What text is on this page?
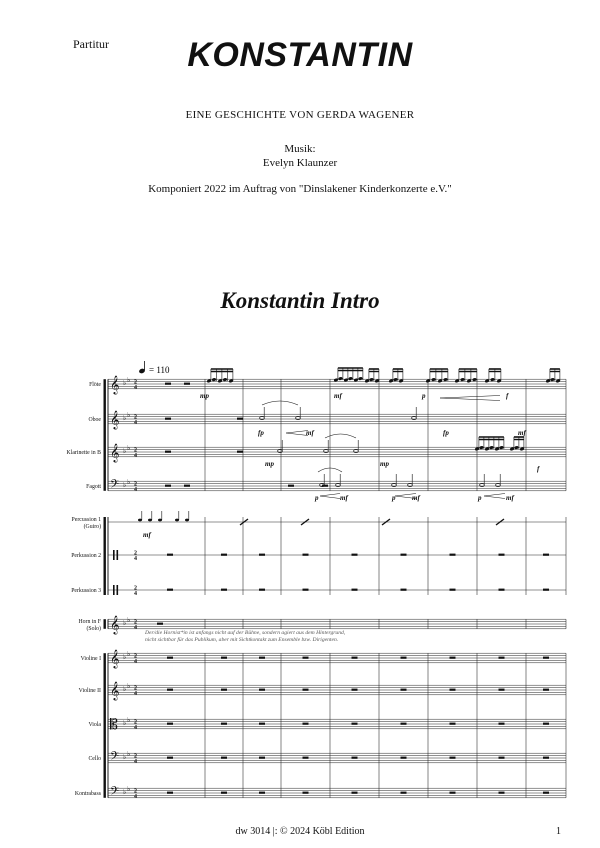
Partitur	KONSTANTIN
EINE GESCHICHTE VON GERDA WAGENER
Musik:
Evelyn Klaunzer
Komponiert 2022 im Auftrag von "Dinslakener Kinderkonzerte e.V."
Konstantin Intro
Flöte
Oboe
Klarinette in B
Fagott
Percussion 1
(Guiro)
Perkussion 2
Perkussion 3
Horn in F
(Solo)
Violine I
Violine II
Viola
Cello
Kontrabass
𝄞 ♭ ♭ 2
4
𝄞 ♭ ♭ 2
4
𝄞 ♭ ♭ 2
4
𝄢 ♭ ♭ 2
4
2
4
2
4
𝄞 ♭ ♭ 2
4
𝄞 ♭ ♭ 2
4
𝄞 ♭ ♭ 2
4
𝄡 ♭ ♭ 2
4
𝄢 ♭ ♭ 2
4
𝄢 ♭ ♭ 2
4
mp	mf	p	f
fp	mf	fp	mf
mp	mp
f
p	mf	p mf	p	mf
mf
= 110
Der/die Hornist*in ist anfangs nicht auf der Bühne, sondern agiert aus dem Hintergrund, nicht sichtbar für das Publikum, aber mit Sichtkontakt zum Ensemble bzw. Dirigenten.
dw 3014 |: © 2024 Köbl Edition	1
